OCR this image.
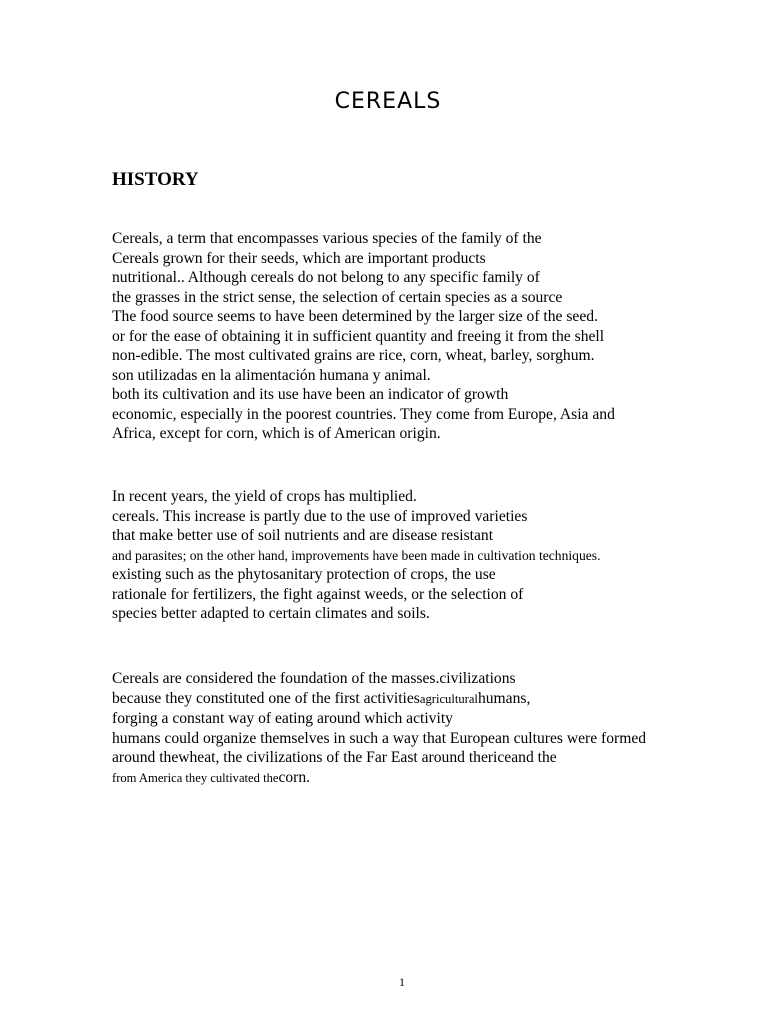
CEREALS
HISTORY

Cereals, a term that encompasses various species of the family of the
Cereals grown for their seeds, which are important products
nutritional.. Although cereals do not belong to any specific family of
the grasses in the strict sense, the selection of certain species as a source
The food source seems to have been determined by the larger size of the seed.
or for the ease of obtaining it in sufficient quantity and freeing it from the shell
non-edible. The most cultivated grains are rice, corn, wheat, barley, sorghum.
son utilizadas en la alimentación humana y animal.
both its cultivation and its use have been an indicator of growth
economic, especially in the poorest countries. They come from Europe, Asia and
Africa, except for corn, which is of American origin.

In recent years, the yield of crops has multiplied.
cereals. This increase is partly due to the use of improved varieties
that make better use of soil nutrients and are disease resistant
and parasites; on the other hand, improvements have been made in cultivation techniques.
existing such as the phytosanitary protection of crops, the use
rationale for fertilizers, the fight against weeds, or the selection of
species better adapted to certain climates and soils.

Cereals are considered the foundation of the masses.civilizations
because they constituted one of the first activitiesagriculturalhumans,
forging a constant way of eating around which activity
humans could organize themselves in such a way that European cultures were formed
around thewheat, the civilizations of the Far East around thericeand the
from America they cultivated thecorn.

1
